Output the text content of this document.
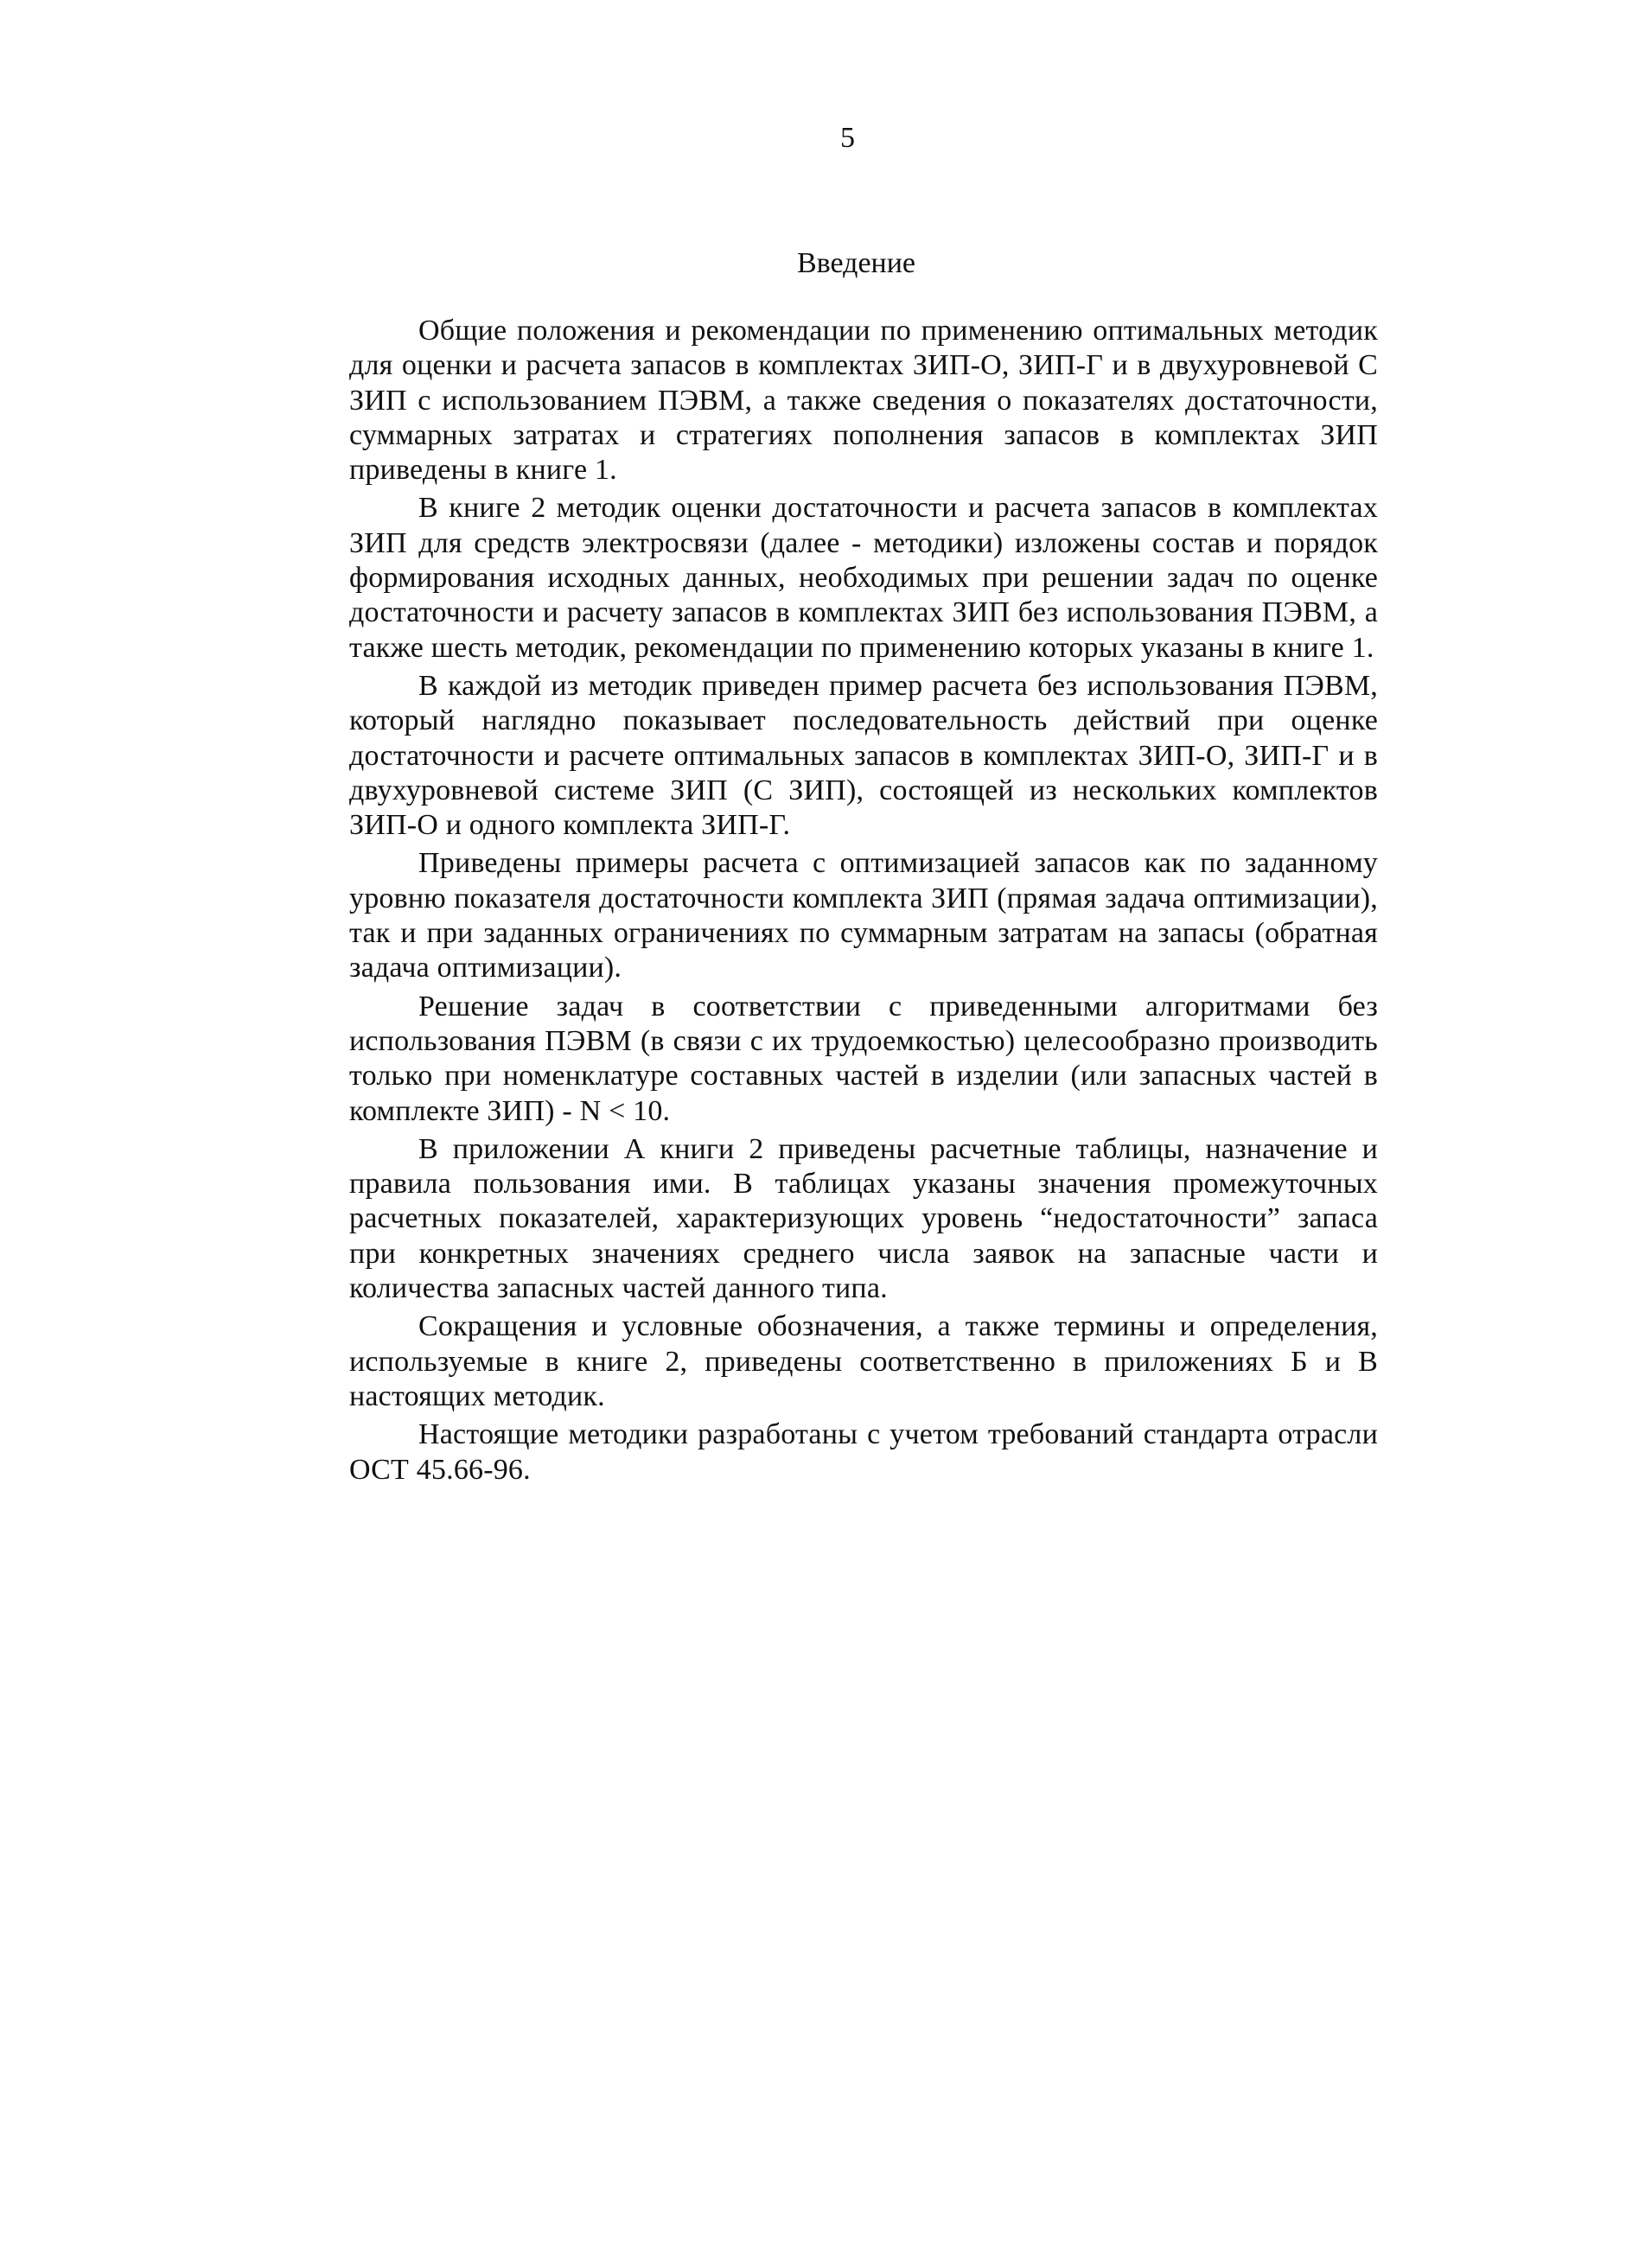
5
Введение

Общие положения и рекомендации по применению оптимальных методик для оценки и расчета запасов в комплектах ЗИП-О, ЗИП-Г и в двухуровневой С ЗИП с использованием ПЭВМ, а также сведения о показателях достаточности, суммарных затратах и стратегиях пополнения запасов в комплектах ЗИП приведены в книге 1.

В книге 2 методик оценки достаточности и расчета запасов в комплектах ЗИП для средств электросвязи (далее - методики) изложены состав и порядок формирования исходных данных, необходимых при решении задач по оценке достаточности и расчету запасов в комплектах ЗИП без использования ПЭВМ, а также шесть методик, рекомендации по применению которых указаны в книге 1.

В каждой из методик приведен пример расчета без использования ПЭВМ, который наглядно показывает последовательность действий при оценке достаточности и расчете оптимальных запасов в комплектах ЗИП-О, ЗИП-Г и в двухуровневой системе ЗИП (С ЗИП), состоящей из нескольких комплектов ЗИП-О и одного комплекта ЗИП-Г.

Приведены примеры расчета с оптимизацией запасов как по заданному уровню показателя достаточности комплекта ЗИП (прямая задача оптимизации), так и при заданных ограничениях по суммарным затратам на запасы (обратная задача оптимизации).

Решение задач в соответствии с приведенными алгоритмами без использования ПЭВМ (в связи с их трудоемкостью) целесообразно производить только при номенклатуре составных частей в изделии (или запасных частей в комплекте ЗИП) - N < 10.

В приложении А книги 2 приведены расчетные таблицы, назначение и правила пользования ими. В таблицах указаны значения промежуточных расчетных показателей, характеризующих уровень “недостаточности” запаса при конкретных значениях среднего числа заявок на запасные части и количества запасных частей данного типа.

Сокращения и условные обозначения, а также термины и определения, используемые в книге 2, приведены соответственно в приложениях Б и В настоящих методик.

Настоящие методики разработаны с учетом требований стандарта отрасли ОСТ 45.66-96.
